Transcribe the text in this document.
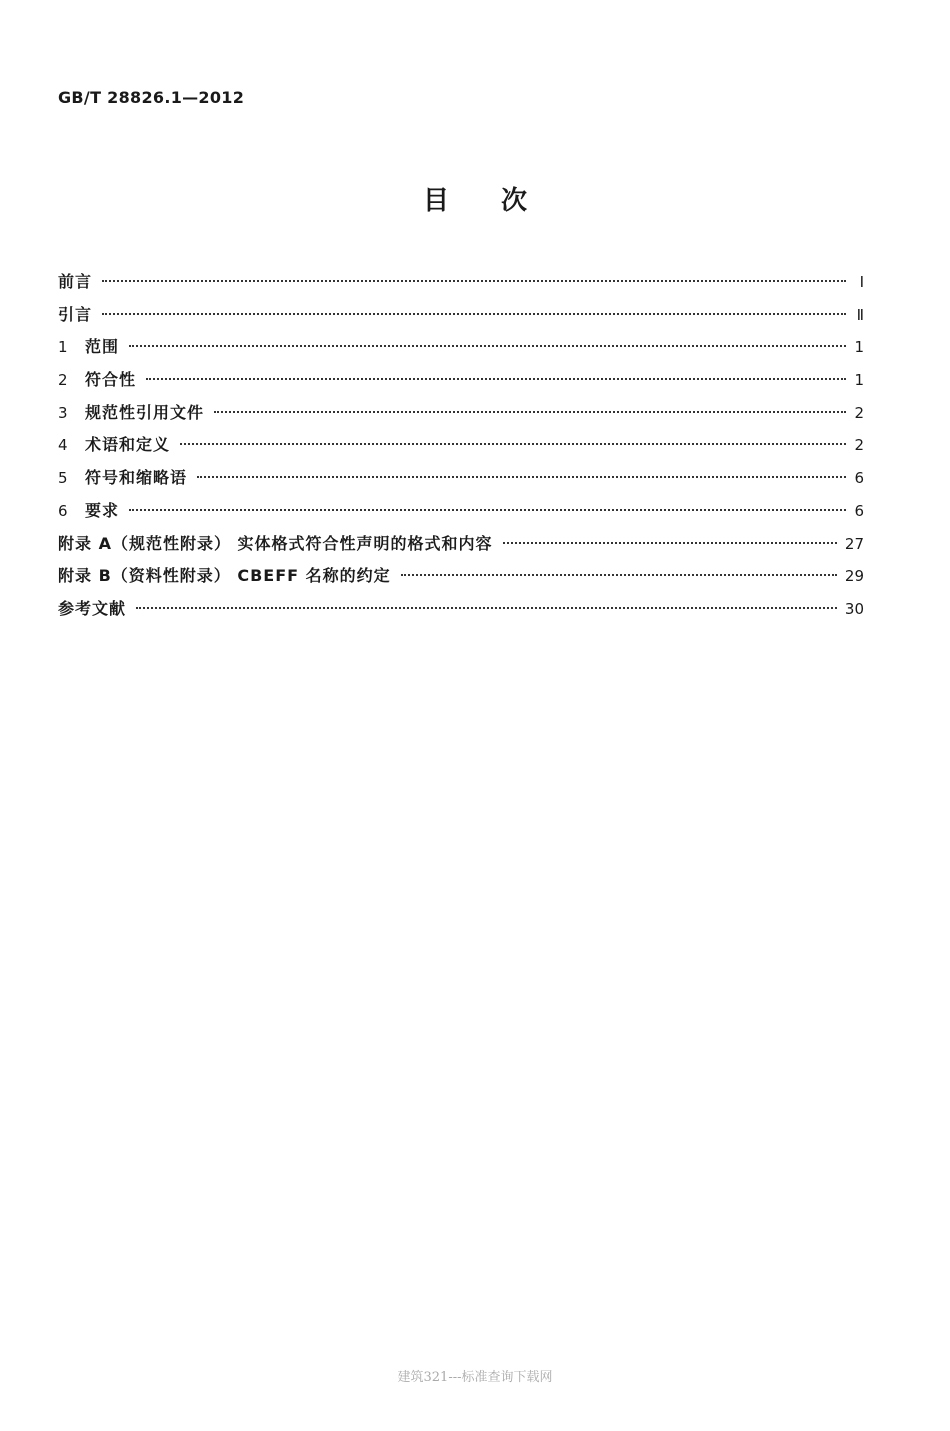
GB/T 28826.1—2012
目次
前言	Ⅰ
引言	Ⅱ
1	范围	1
2	符合性	1
3	规范性引用文件	2
4	术语和定义	2
5	符号和缩略语	6
6	要求	6
附录 A（规范性附录） 实体格式符合性声明的格式和内容	27
附录 B（资料性附录） CBEFF 名称的约定	29
参考文献	30
建筑321---标准查询下载网
